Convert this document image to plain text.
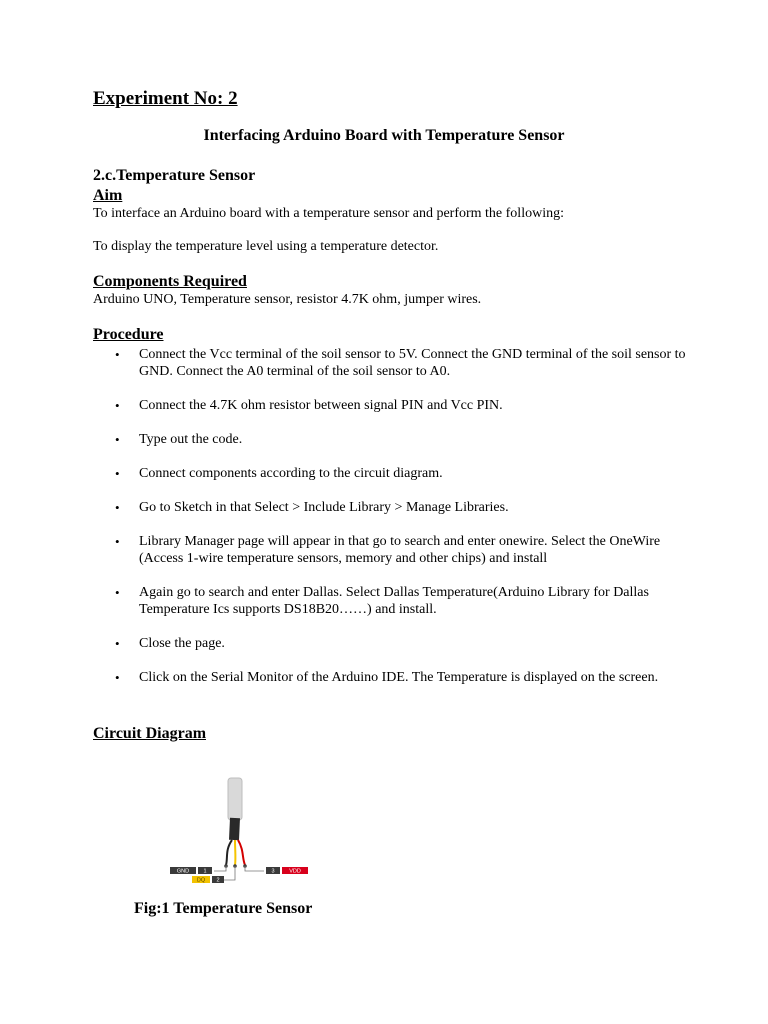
Experiment No: 2
Interfacing Arduino Board with Temperature Sensor
2.c.Temperature Sensor
Aim
To interface an Arduino board with a temperature sensor and perform the following:
To display the temperature level using a temperature detector.
Components Required
Arduino UNO, Temperature sensor, resistor 4.7K ohm, jumper wires.
Procedure
• Connect the Vcc terminal of the soil sensor to 5V. Connect the GND terminal of the soil sensor to GND. Connect the A0 terminal of the soil sensor to A0.
• Connect the 4.7K ohm resistor between signal PIN and Vcc PIN.
• Type out the code.
• Connect components according to the circuit diagram.
• Go to Sketch in that Select > Include Library > Manage Libraries.
• Library Manager page will appear in that go to search and enter onewire. Select the OneWire (Access 1-wire temperature sensors, memory and other chips) and install
• Again go to search and enter Dallas. Select Dallas Temperature(Arduino Library for Dallas Temperature Ics supports DS18B20……) and install.
• Close the page.
• Click on the Serial Monitor of the Arduino IDE. The Temperature is displayed on the screen.
Circuit Diagram
GND	1
DQ 2
3	VDD
Fig:1 Temperature Sensor
